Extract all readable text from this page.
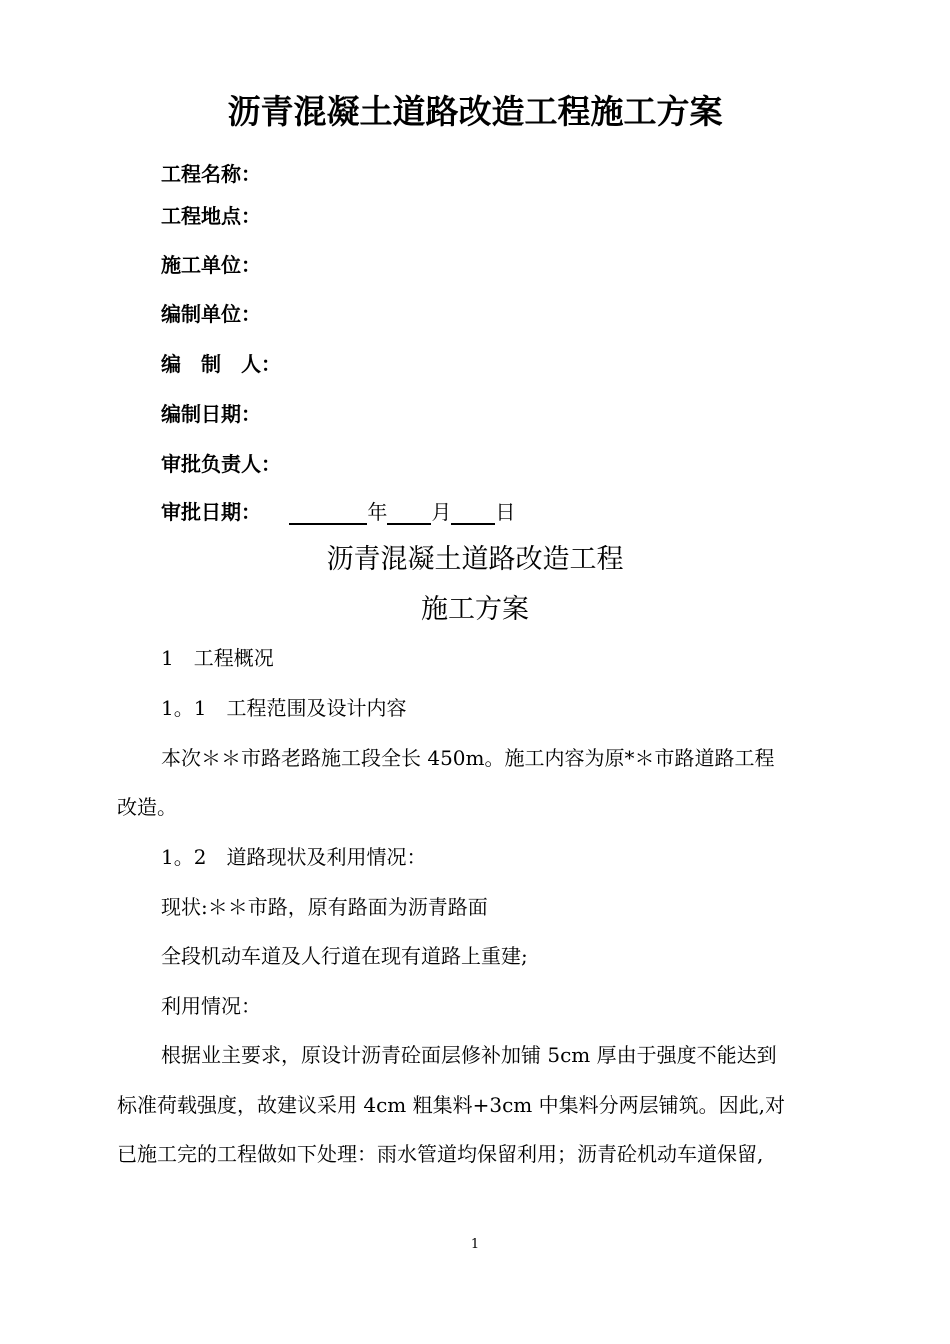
沥青混凝土道路改造工程施工方案
工程名称：
工程地点：
施工单位：
编制单位：
编　制　人：
编制日期：
审批负责人：
审批日期：	年 月 日
沥青混凝土道路改造工程
施工方案
1　工程概况
1。1　工程范围及设计内容
本次＊＊市路老路施工段全长 450m。施工内容为原*＊市路道路工程
改造。
1。2　道路现状及利用情况：
现状:＊＊市路，原有路面为沥青路面
全段机动车道及人行道在现有道路上重建;
利用情况：
根据业主要求，原设计沥青砼面层修补加铺 5cm 厚由于强度不能达到
标准荷载强度，故建议采用 4cm 粗集料+3cm 中集料分两层铺筑。因此,对
已施工完的工程做如下处理：雨水管道均保留利用；沥青砼机动车道保留,
1
